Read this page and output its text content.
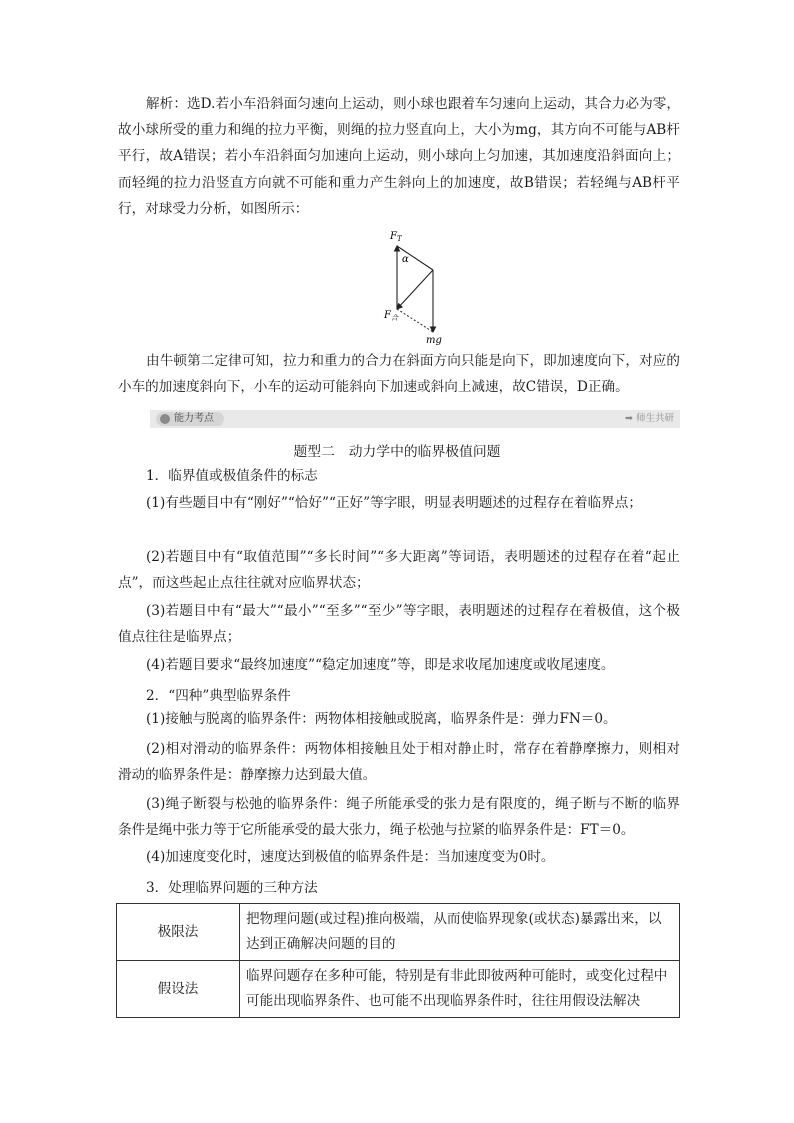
解析：选D.若小车沿斜面匀速向上运动，则小球也跟着车匀速向上运动，其合力必为零，故小球所受的重力和绳的拉力平衡，则绳的拉力竖直向上，大小为mg，其方向不可能与AB杆平行，故A错误；若小车沿斜面匀加速向上运动，则小球向上匀加速，其加速度沿斜面向上；而轻绳的拉力沿竖直方向就不可能和重力产生斜向上的加速度，故B错误；若轻绳与AB杆平行，对球受力分析，如图所示：

$F_T$
α
$F_合$
mg

由牛顿第二定律可知，拉力和重力的合力在斜面方向只能是向下，即加速度向下，对应的小车的加速度斜向下，小车的运动可能斜向下加速或斜向上减速，故C错误，D正确。

能力考点	➡ 师生共研
题型二　动力学中的临界极值问题
1．临界值或极值条件的标志

(1)有些题目中有“刚好”“恰好”“正好”等字眼，明显表明题述的过程存在着临界点；

(2)若题目中有“取值范围”“多长时间”“多大距离”等词语，表明题述的过程存在着“起止点”，而这些起止点往往就对应临界状态；

(3)若题目中有“最大”“最小”“至多”“至少”等字眼，表明题述的过程存在着极值，这个极值点往往是临界点；

(4)若题目要求“最终加速度”“稳定加速度”等，即是求收尾加速度或收尾速度。

2．“四种”典型临界条件

(1)接触与脱离的临界条件：两物体相接触或脱离，临界条件是：弹力FN＝0。

(2)相对滑动的临界条件：两物体相接触且处于相对静止时，常存在着静摩擦力，则相对滑动的临界条件是：静摩擦力达到最大值。

(3)绳子断裂与松弛的临界条件：绳子所能承受的张力是有限度的，绳子断与不断的临界条件是绳中张力等于它所能承受的最大张力，绳子松弛与拉紧的临界条件是：FT＝0。

(4)加速度变化时，速度达到极值的临界条件是：当加速度变为0时。

3．处理临界问题的三种方法
极限法	把物理问题(或过程)推向极端，从而使临界现象(或状态)暴露出来，以达到正确解决问题的目的
假设法	临界问题存在多种可能，特别是有非此即彼两种可能时，或变化过程中可能出现临界条件、也可能不出现临界条件时，往往用假设法解决
